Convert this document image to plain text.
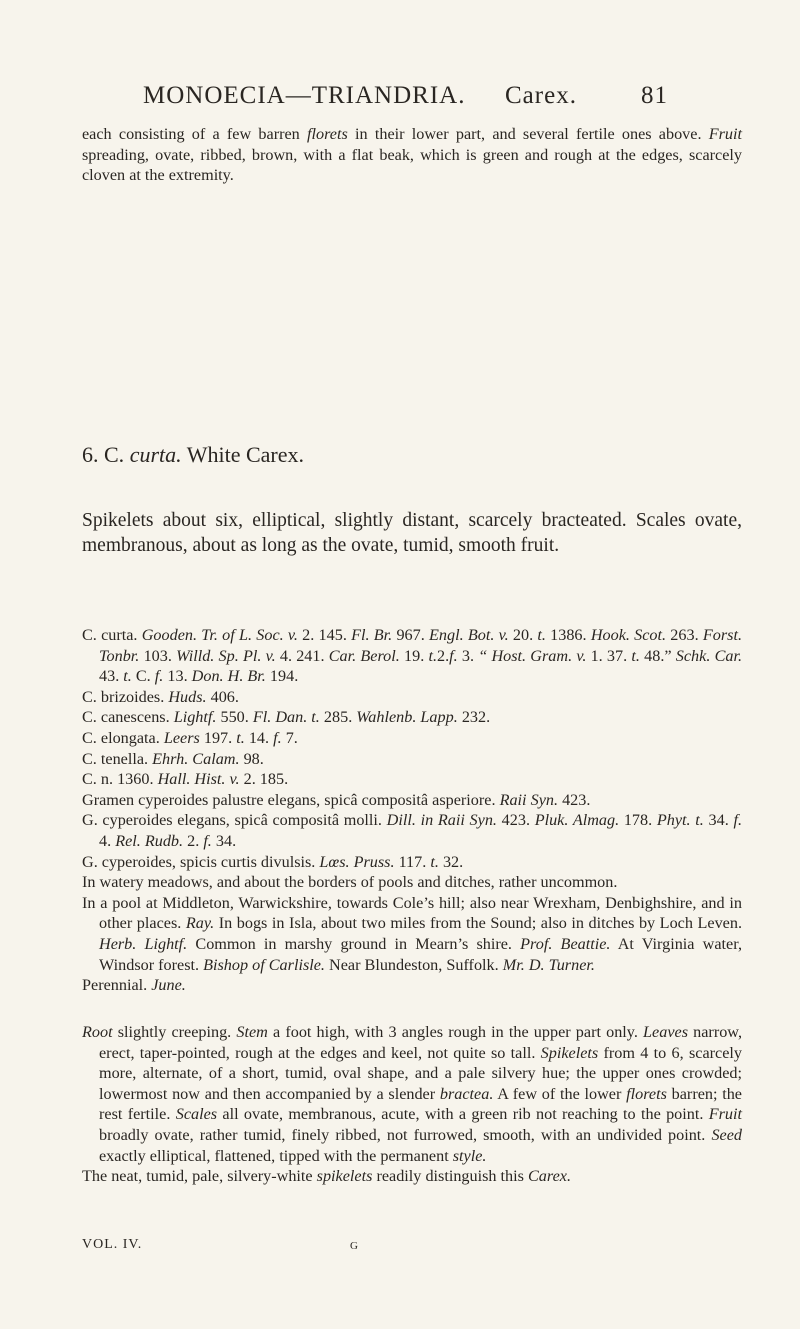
MONOECIA—TRIANDRIA. Carex.	81

each consisting of a few barren florets in their lower part, and several fertile ones above. Fruit spreading, ovate, ribbed, brown, with a flat beak, which is green and rough at the edges, scarcely cloven at the extremity.

6. C. curta. White Carex.

Spikelets about six, elliptical, slightly distant, scarcely bracteated. Scales ovate, membranous, about as long as the ovate, tumid, smooth fruit.

C. curta. Gooden. Tr. of L. Soc. v. 2. 145. Fl. Br. 967. Engl. Bot. v. 20. t. 1386. Hook. Scot. 263. Forst. Tonbr. 103. Willd. Sp. Pl. v. 4. 241. Car. Berol. 19. t.2.f. 3. “ Host. Gram. v. 1. 37. t. 48.” Schk. Car. 43. t. C. f. 13. Don. H. Br. 194.

C. brizoides. Huds. 406.

C. canescens. Lightf. 550. Fl. Dan. t. 285. Wahlenb. Lapp. 232.

C. elongata. Leers 197. t. 14. f. 7.

C. tenella. Ehrh. Calam. 98.

C. n. 1360. Hall. Hist. v. 2. 185.

Gramen cyperoides palustre elegans, spicâ compositâ asperiore. Raii Syn. 423.

G. cyperoides elegans, spicâ compositâ molli. Dill. in Raii Syn. 423. Pluk. Almag. 178. Phyt. t. 34. f. 4. Rel. Rudb. 2. f. 34.

G. cyperoides, spicis curtis divulsis. Lœs. Pruss. 117. t. 32.

In watery meadows, and about the borders of pools and ditches, rather uncommon.

In a pool at Middleton, Warwickshire, towards Cole’s hill; also near Wrexham, Denbighshire, and in other places. Ray. In bogs in Isla, about two miles from the Sound; also in ditches by Loch Leven. Herb. Lightf. Common in marshy ground in Mearn’s shire. Prof. Beattie. At Virginia water, Windsor forest. Bishop of Carlisle. Near Blundeston, Suffolk. Mr. D. Turner.

Perennial. June.

Root slightly creeping. Stem a foot high, with 3 angles rough in the upper part only. Leaves narrow, erect, taper-pointed, rough at the edges and keel, not quite so tall. Spikelets from 4 to 6, scarcely more, alternate, of a short, tumid, oval shape, and a pale silvery hue; the upper ones crowded; lowermost now and then accompanied by a slender bractea. A few of the lower florets barren; the rest fertile. Scales all ovate, membranous, acute, with a green rib not reaching to the point. Fruit broadly ovate, rather tumid, finely ribbed, not furrowed, smooth, with an undivided point. Seed exactly elliptical, flattened, tipped with the permanent style.

The neat, tumid, pale, silvery-white spikelets readily distinguish this Carex.

VOL. IV.	G
